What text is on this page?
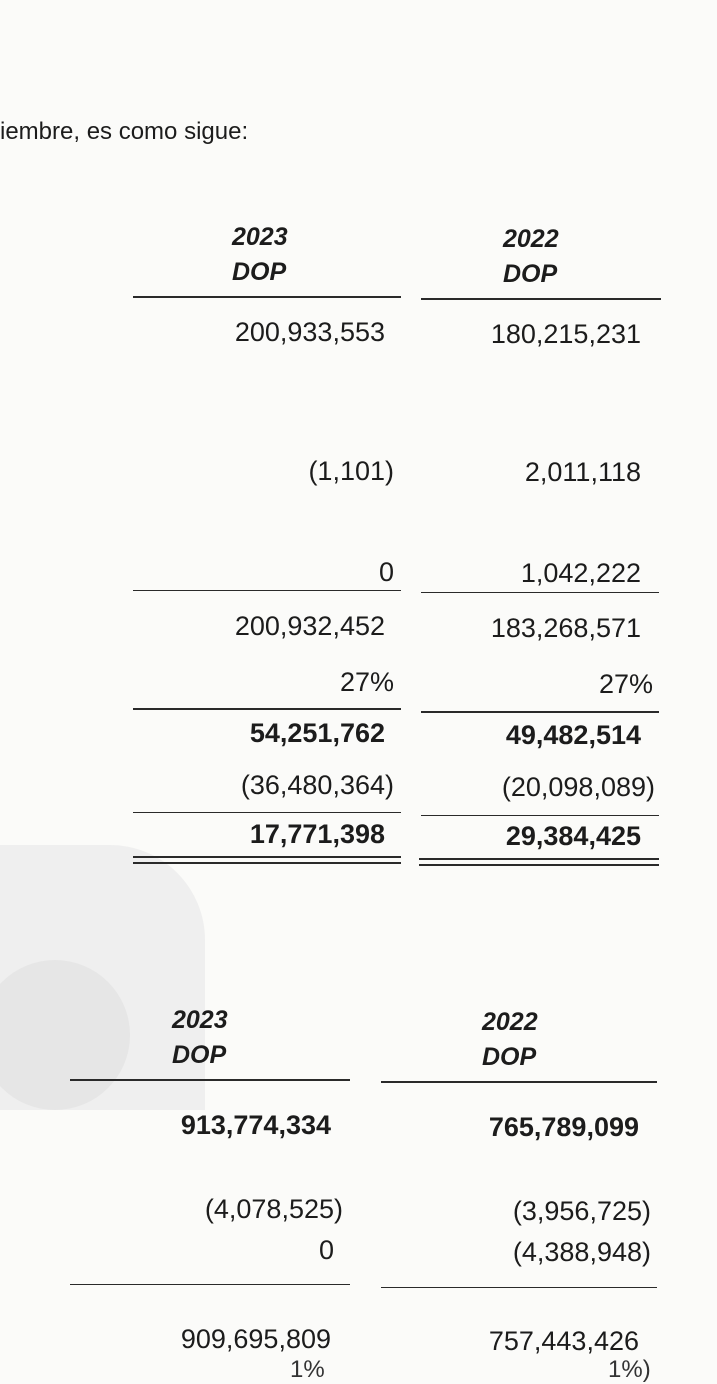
iembre, es como sigue:
2023
DOP
2022
DOP
200,933,553	180,215,231
(1,101)	2,011,118
0	1,042,222
200,932,452	183,268,571
27%	27%
54,251,762	49,482,514
(36,480,364)	(20,098,089)
17,771,398	29,384,425
2023
DOP
2022
DOP
913,774,334	765,789,099
(4,078,525)	(3,956,725)
0	(4,388,948)
909,695,809	757,443,426
1%	1%)
